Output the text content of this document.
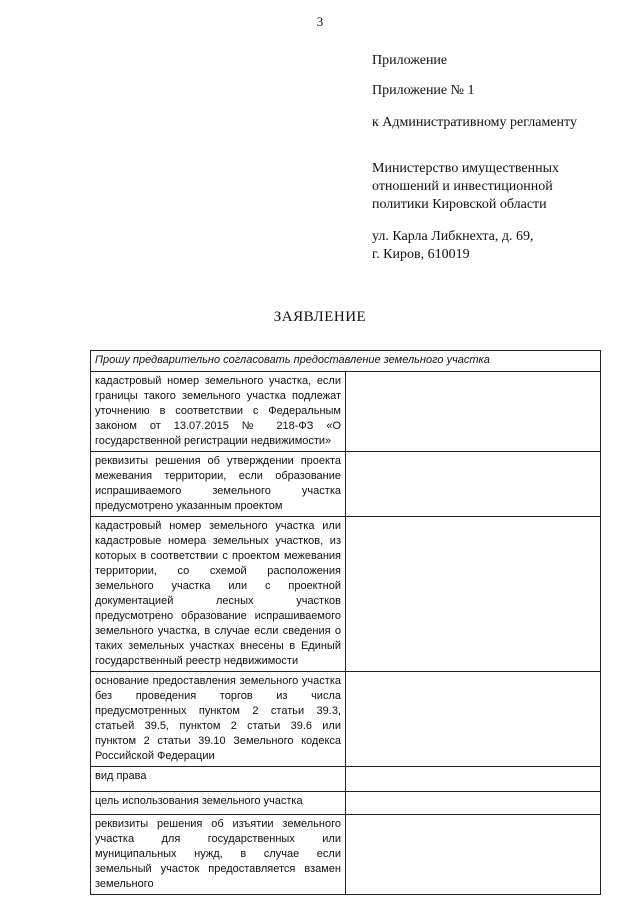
3
Приложение
Приложение № 1
к Административному регламенту
Министерство имущественных
отношений и инвестиционной
политики Кировской области
ул. Карла Либкнехта, д. 69,
г. Киров, 610019
ЗАЯВЛЕНИЕ
Прошу предварительно согласовать предоставление земельного участка	
кадастровый номер земельного участка, если границы такого земельного участка подлежат уточнению в соответствии с Федеральным законом от 13.07.2015 № 218-ФЗ «О государственной регистрации недвижимости»	
реквизиты решения об утверждении проекта межевания территории, если образование испрашиваемого земельного участка предусмотрено указанным проектом	
кадастровый номер земельного участка или кадастровые номера земельных участков, из которых в соответствии с проектом межевания территории, со схемой расположения земельного участка или с проектной документацией лесных участков предусмотрено образование испрашиваемого земельного участка, в случае если сведения о таких земельных участках внесены в Единый государственный реестр недвижимости	
основание предоставления земельного участка без проведения торгов из числа предусмотренных пунктом 2 статьи 39.3, статьей 39.5, пунктом 2 статьи 39.6 или пунктом 2 статьи 39.10 Земельного кодекса Российской Федерации	
вид права	
цель использования земельного участка	
реквизиты решения об изъятии земельного участка для государственных или муниципальных нужд, в случае если земельный участок предоставляется взамен земельного	
